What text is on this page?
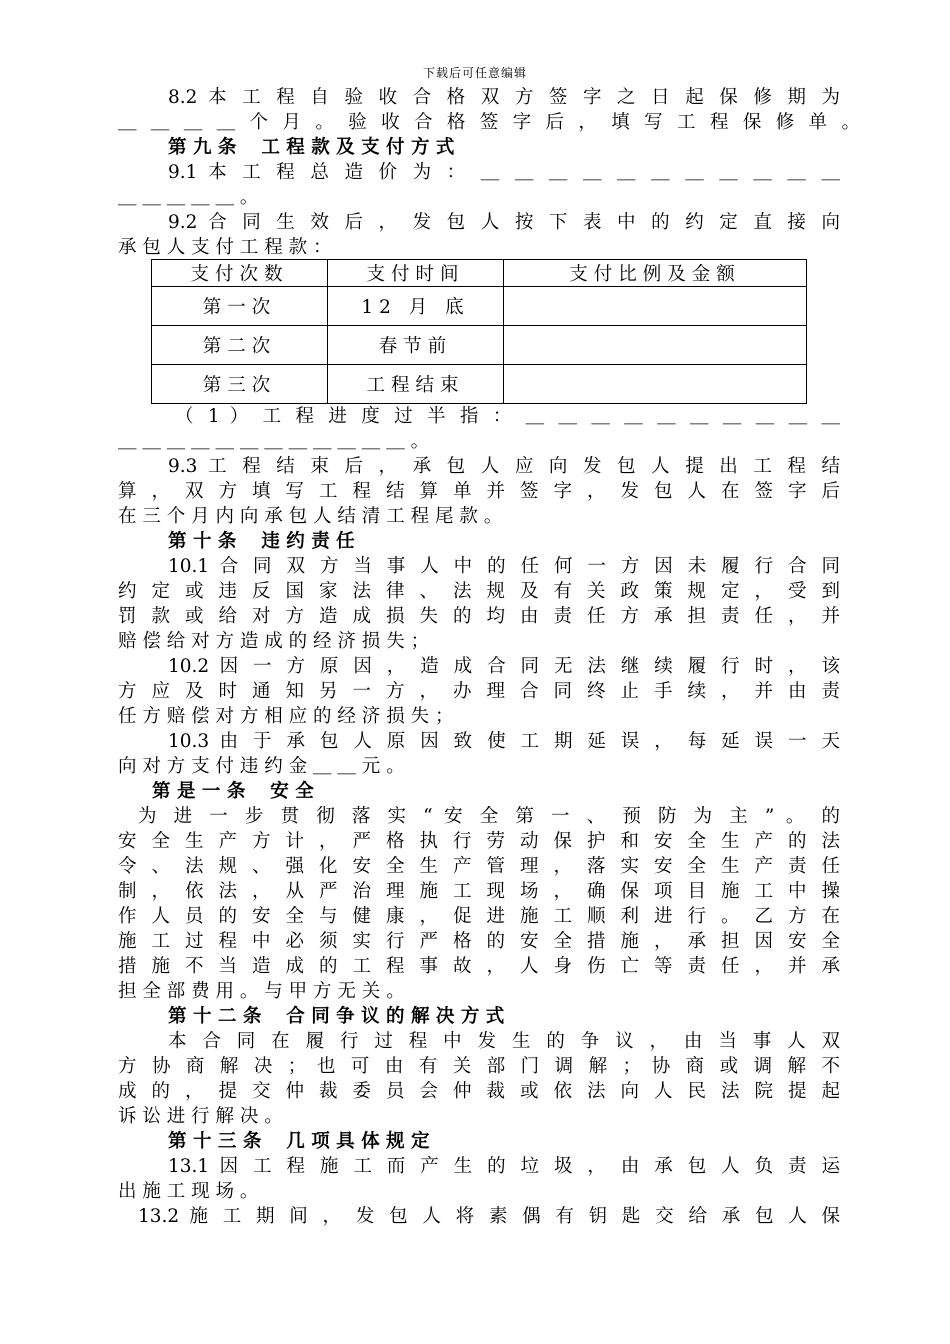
下载后可任意编辑
8.2 本 工 程 自 验 收 合 格 双 方 签 字 之 日 起 保 修 期 为
＿ ＿ ＿ ＿ 个 月 。 验 收 合 格 签 字 后 ， 填 写 工 程 保 修 单 。
第 九 条　 工 程 款 及 支 付 方 式
9.1 本 工 程 总 造 价 为 ： ＿ ＿ ＿ ＿ ＿ ＿ ＿ ＿ ＿ ＿ ＿
＿ ＿ ＿ ＿ ＿ 。
9.2 合 同 生 效 后 ， 发 包 人 按 下 表 中 的 约 定 直 接 向
承 包 人 支 付 工 程 款 ：
支付次数	支付时间	支付比例及金额
第一次	12 月 底	
第二次	春节前	
第三次	工程结束	
（ 1 ） 工 程 进 度 过 半 指 ： ＿ ＿ ＿ ＿ ＿ ＿ ＿ ＿ ＿ ＿
＿ ＿ ＿ ＿ ＿ ＿ ＿ ＿ ＿ ＿ ＿ ＿ 。
9.3 工 程 结 束 后 ， 承 包 人 应 向 发 包 人 提 出 工 程 结
算 ， 双 方 填 写 工 程 结 算 单 并 签 字 ， 发 包 人 在 签 字 后
在 三 个 月 内 向 承 包 人 结 清 工 程 尾 款 。
第 十 条　 违 约 责 任
10.1 合 同 双 方 当 事 人 中 的 任 何 一 方 因 未 履 行 合 同
约 定 或 违 反 国 家 法 律 、 法 规 及 有 关 政 策 规 定 ， 受 到
罚 款 或 给 对 方 造 成 损 失 的 均 由 责 任 方 承 担 责 任 ， 并
赔 偿 给 对 方 造 成 的 经 济 损 失 ；
10.2 因 一 方 原 因 ， 造 成 合 同 无 法 继 续 履 行 时 ， 该
方 应 及 时 通 知 另 一 方 ， 办 理 合 同 终 止 手 续 ， 并 由 责
任 方 赔 偿 对 方 相 应 的 经 济 损 失 ；
10.3 由 于 承 包 人 原 因 致 使 工 期 延 误 ， 每 延 误 一 天
向 对 方 支 付 违 约 金 ＿ ＿ 元 。
第 是 一 条　 安 全
为 进 一 步 贯 彻 落 实 “ 安 全 第 一 、 预 防 为 主 ” 。 的
安 全 生 产 方 计 ， 严 格 执 行 劳 动 保 护 和 安 全 生 产 的 法
令 、 法 规 、 强 化 安 全 生 产 管 理 ， 落 实 安 全 生 产 责 任
制 ， 依 法 ， 从 严 治 理 施 工 现 场 ， 确 保 项 目 施 工 中 操
作 人 员 的 安 全 与 健 康 ， 促 进 施 工 顺 利 进 行 。 乙 方 在
施 工 过 程 中 必 须 实 行 严 格 的 安 全 措 施 ， 承 担 因 安 全
措 施 不 当 造 成 的 工 程 事 故 ， 人 身 伤 亡 等 责 任 ， 并 承
担 全 部 费 用 。 与 甲 方 无 关 。
第 十 二 条　 合 同 争 议 的 解 决 方 式
本 合 同 在 履 行 过 程 中 发 生 的 争 议 ， 由 当 事 人 双
方 协 商 解 决 ； 也 可 由 有 关 部 门 调 解 ； 协 商 或 调 解 不
成 的 ， 提 交 仲 裁 委 员 会 仲 裁 或 依 法 向 人 民 法 院 提 起
诉 讼 进 行 解 决 。
第 十 三 条　 几 项 具 体 规 定
13.1 因 工 程 施 工 而 产 生 的 垃 圾 ， 由 承 包 人 负 责 运
出 施 工 现 场 。
13.2 施 工 期 间 ， 发 包 人 将 素 偶 有 钥 匙 交 给 承 包 人 保
